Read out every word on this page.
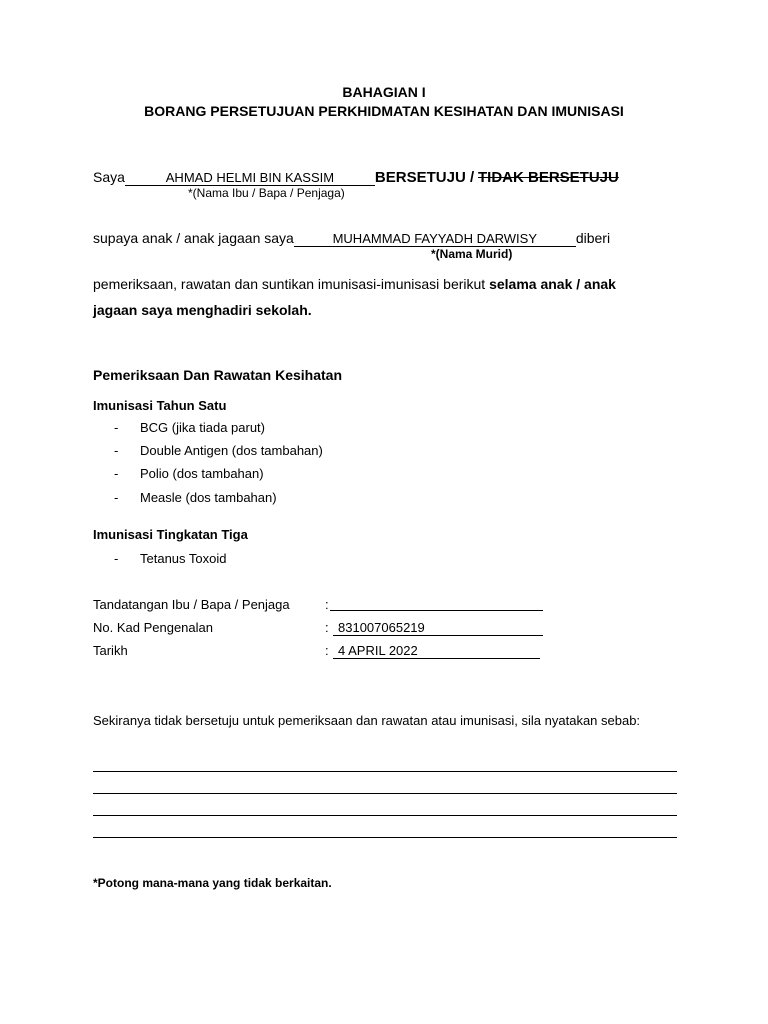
BAHAGIAN I
BORANG PERSETUJUAN PERKHIDMATAN KESIHATAN DAN IMUNISASI
Saya	AHMAD HELMI BIN KASSIM	BERSETUJU / TIDAK BERSETUJU
*(Nama Ibu / Bapa / Penjaga)
supaya anak / anak jagaan saya	MUHAMMAD FAYYADH DARWISY	diberi
*(Nama Murid)
pemeriksaan, rawatan dan suntikan imunisasi-imunisasi berikut selama anak / anak
jagaan saya menghadiri sekolah.
Pemeriksaan Dan Rawatan Kesihatan
Imunisasi Tahun Satu
- BCG (jika tiada parut)
- Double Antigen (dos tambahan)
- Polio (dos tambahan)
- Measle (dos tambahan)
Imunisasi Tingkatan Tiga
- Tetanus Toxoid
Tandatangan Ibu / Bapa / Penjaga	:
No. Kad Pengenalan	: 831007065219
Tarikh	: 4 APRIL 2022
Sekiranya tidak bersetuju untuk pemeriksaan dan rawatan atau imunisasi, sila nyatakan sebab:
*Potong mana-mana yang tidak berkaitan.
